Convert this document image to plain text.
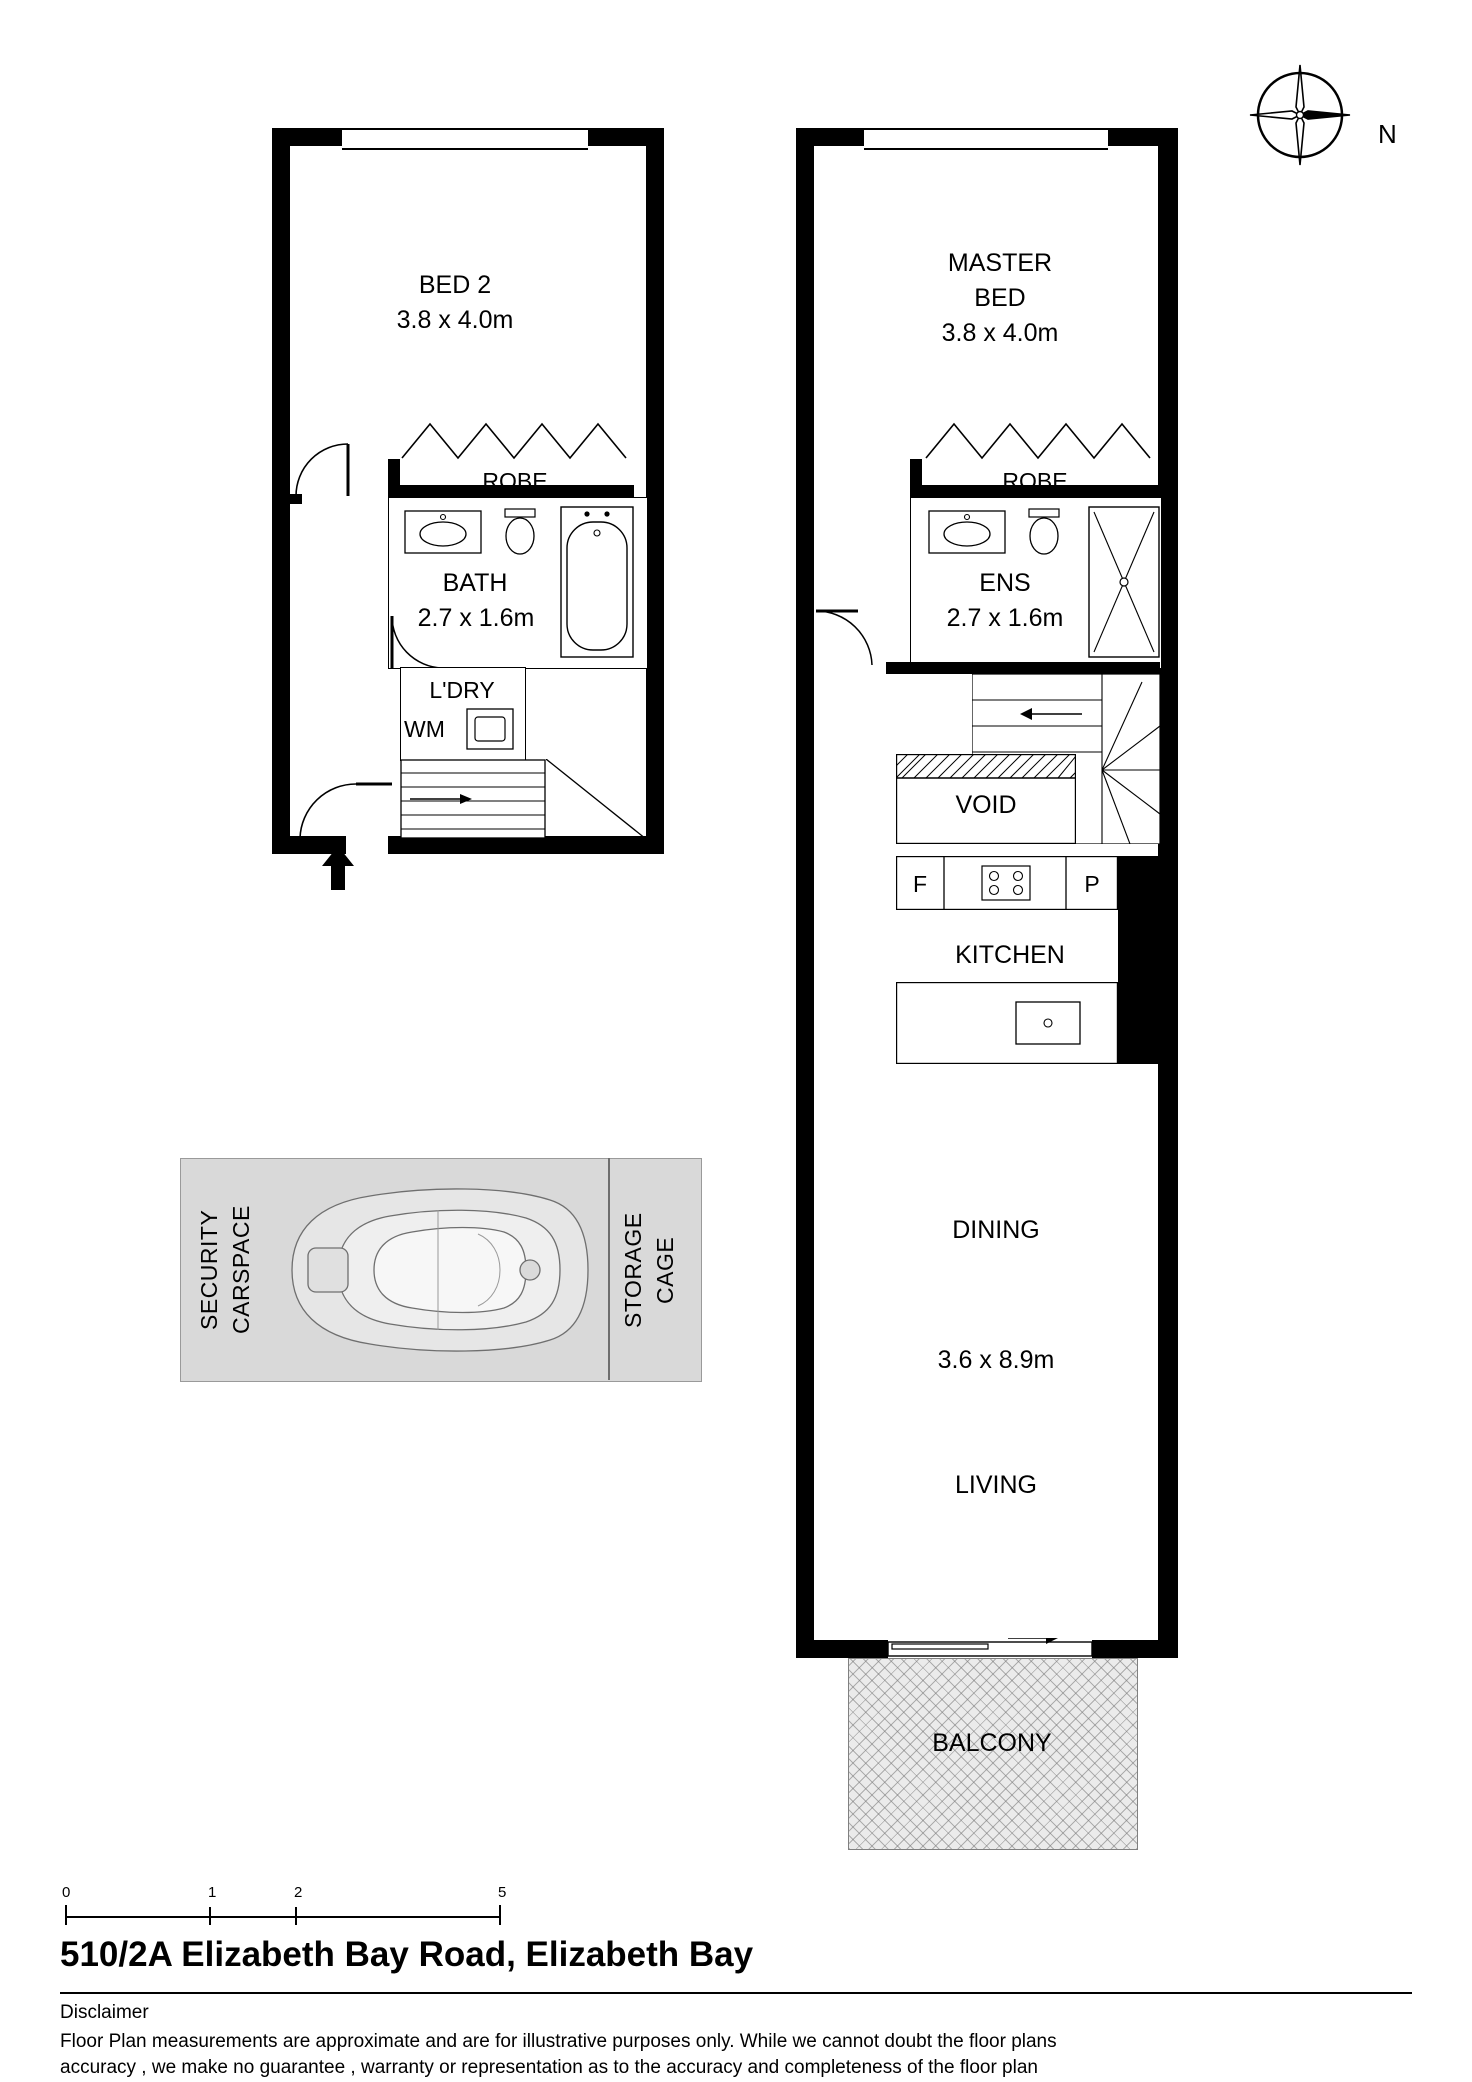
N
BED 2
3.8 x 4.0m
ROBE
BATH
2.7 x 1.6m
L'DRY
WM
MASTER
BED
3.8 x 4.0m
ROBE
ENS
2.7 x 1.6m
VOID
F	P
KITCHEN
DINING
3.6 x 8.9m
LIVING
BALCONY
SECURITY CARSPACE	STORAGE CAGE
0	1	2	5
510/2A Elizabeth Bay Road, Elizabeth Bay
Disclaimer
Floor Plan measurements are approximate and are for illustrative purposes only. While we cannot doubt the floor plans
accuracy , we make no guarantee , warranty or representation as to the accuracy and completeness of the floor plan
